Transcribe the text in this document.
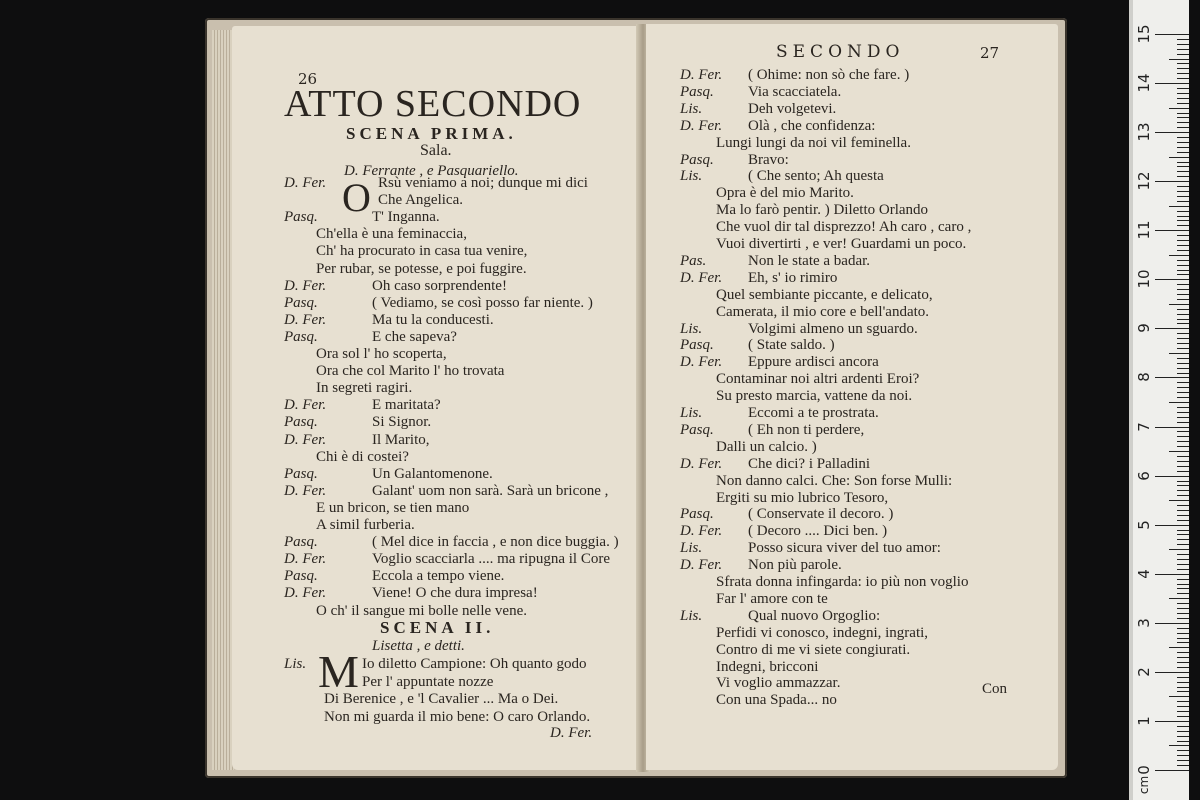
26
ATTO SECONDO
SCENA PRIMA.
Sala.
D. Ferrante , e Pasquariello.
O
D. Fer.	Rsù veniamo a noi; dunque mi dici
Che Angelica.
Pasq.	T' Inganna.
Ch'ella è una feminaccia,
Ch' ha procurato in casa tua venire,
Per rubar, se potesse, e poi fuggire.
D. Fer.	Oh caso sorprendente!
Pasq.	( Vediamo, se così posso far niente. )
D. Fer.	Ma tu la conducesti.
Pasq.	E che sapeva?
Ora sol l' ho scoperta,
Ora che col Marito l' ho trovata
In segreti ragiri.
D. Fer.	E maritata?
Pasq.	Si Signor.
D. Fer.	Il Marito,
Chi è di costei?
Pasq.	Un Galantomenone.
D. Fer.	Galant' uom non sarà. Sarà un bricone ,
E un bricon, se tien mano
A simil furberia.
Pasq.	( Mel dice in faccia , e non dice buggia. )
D. Fer.	Voglio scacciarla .... ma ripugna il Core
Pasq.	Eccola a tempo viene.
D. Fer.	Viene! O che dura impresa!
O ch' il sangue mi bolle nelle vene.
SCENA II.
Lisetta , e detti.
M
Lis.	Io diletto Campione: Oh quanto godo
Per l' appuntate nozze
Di Berenice , e 'l Cavalier ... Ma o Dei.
Non mi guarda il mio bene: O caro Orlando.
D. Fer.
SECONDO	27
D. Fer. ( Ohime: non sò che fare. )
Pasq. Via scacciatela.
Lis.	Deh volgetevi.
D. Fer. Olà , che confidenza:
Lungi lungi da noi vil feminella.
Pasq. Bravo:
Lis.	( Che sento; Ah questa
Opra è del mio Marito.
Ma lo farò pentir. ) Diletto Orlando
Che vuol dir tal disprezzo! Ah caro , caro ,
Vuoi divertirti , e ver! Guardami un poco.
Pas.	Non le state a badar.
D. Fer. Eh, s' io rimiro
Quel sembiante piccante, e delicato,
Camerata, il mio core e bell'andato.
Lis.	Volgimi almeno un sguardo.
Pasq. ( State saldo. )
D. Fer. Eppure ardisci ancora
Contaminar noi altri ardenti Eroi?
Su presto marcia, vattene da noi.
Lis.	Eccomi a te prostrata.
Pasq. ( Eh non ti perdere,
Dalli un calcio. )
D. Fer. Che dici? i Palladini
Non danno calci. Che: Son forse Mulli:
Ergiti su mio lubrico Tesoro,
Pasq. ( Conservate il decoro. )
D. Fer. ( Decoro .... Dici ben. )
Lis.	Posso sicura viver del tuo amor:
D. Fer. Non più parole.
Sfrata donna infingarda: io più non voglio
Far l' amore con te
Lis.	Qual nuovo Orgoglio:
Perfidi vi conosco, indegni, ingrati,
Contro di me vi siete congiurati.
Indegni, bricconi
Vi voglio ammazzar.
Con una Spada... no
Con
0
1
2
3
4
5
6
7
8
9
10
11
12
13
14
15
cm
